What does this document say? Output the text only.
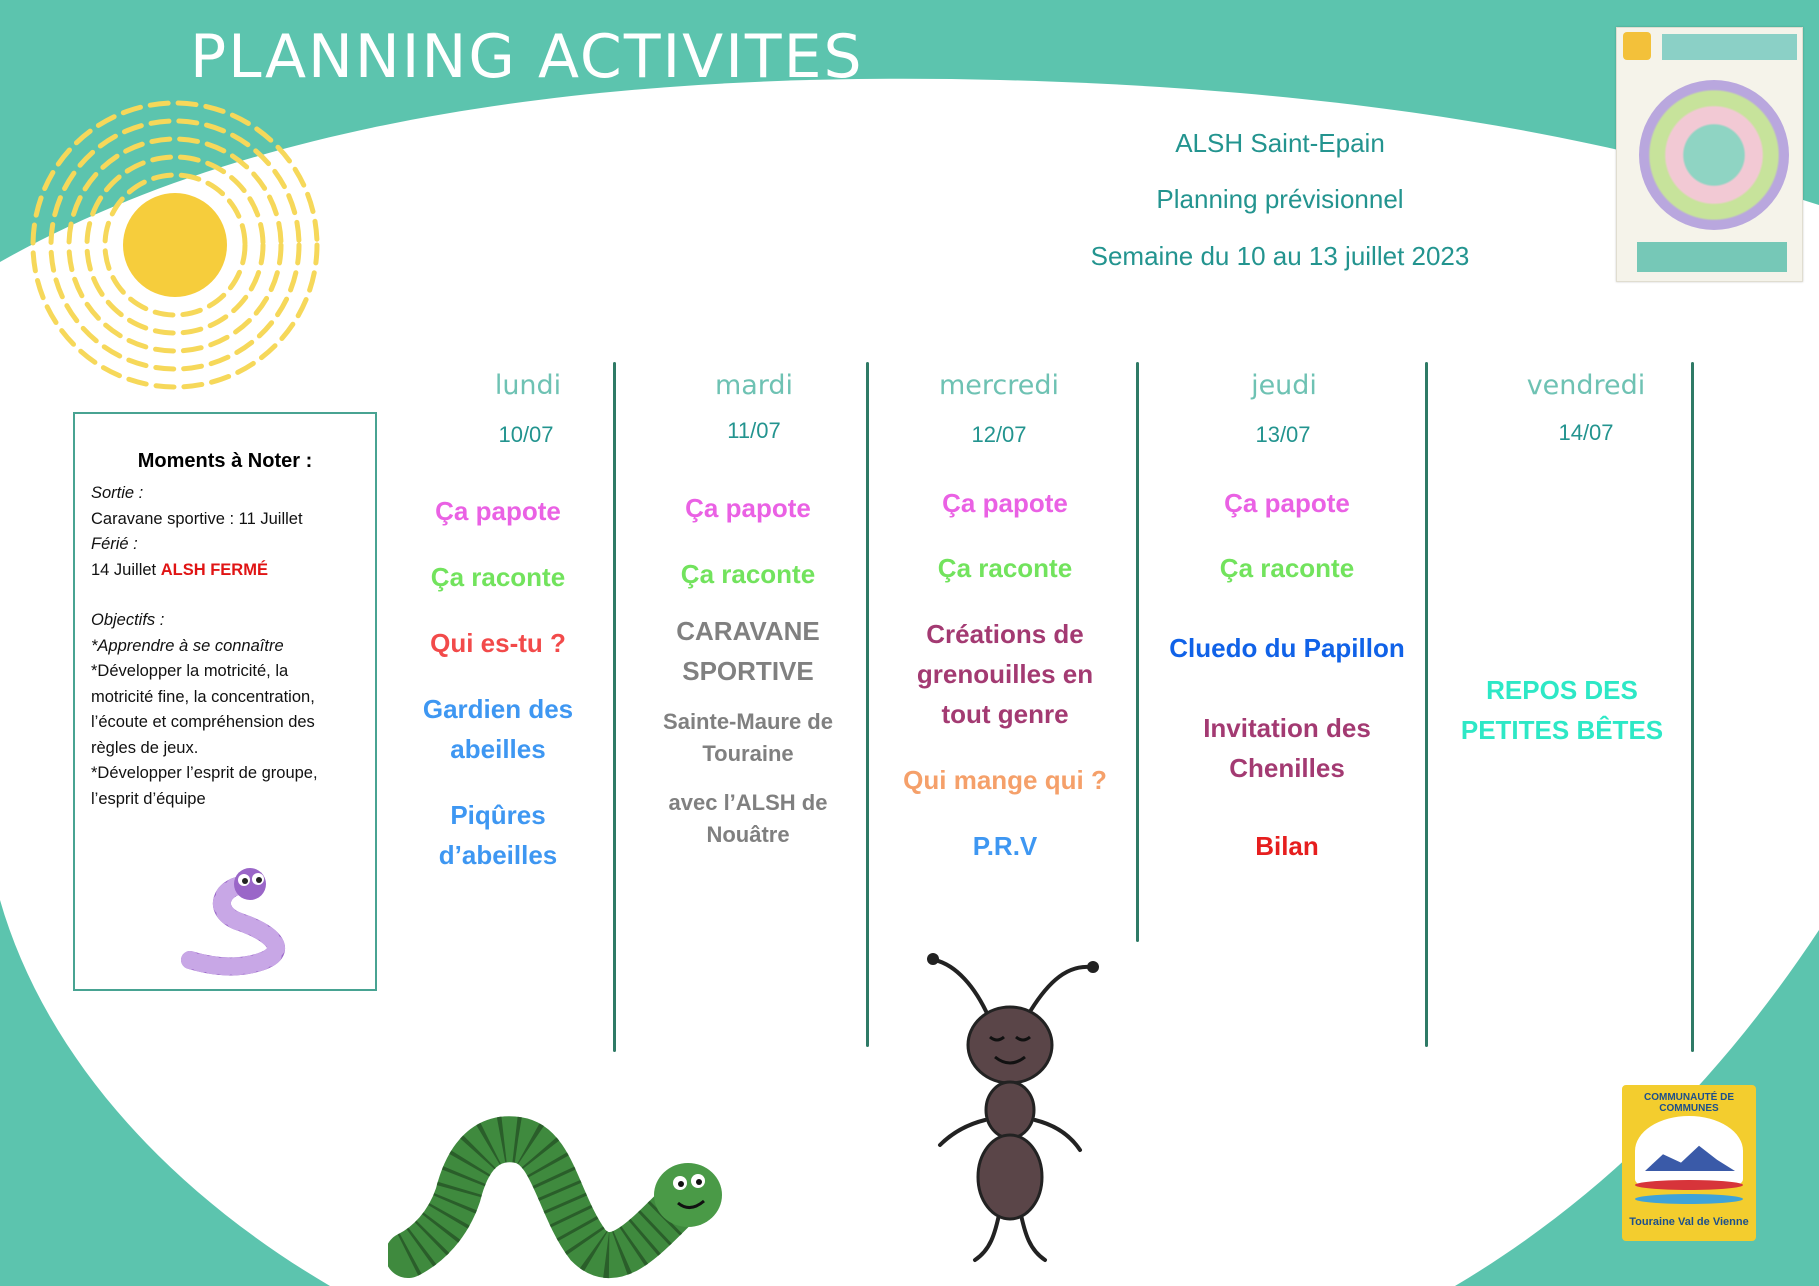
PLANNING ACTIVITES
ALSH Saint-Epain
Planning prévisionnel
Semaine du 10 au 13 juillet 2023
lundi
10/07
mardi
11/07
mercredi
12/07
jeudi
13/07
vendredi
14/07
Ça papote
Ça raconte
Qui es-tu ?
Gardien des abeilles
Piqûres d’abeilles
Ça papote
Ça raconte
CARAVANE SPORTIVE
Sainte-Maure de Touraine
avec l’ALSH de Nouâtre
Ça papote
Ça raconte
Créations de grenouilles en tout genre
Qui mange qui ?
P.R.V
Ça papote
Ça raconte
Cluedo du Papillon
Invitation des Chenilles
Bilan
REPOS DES PETITES BÊTES
Moments à Noter :
Sortie :
Caravane sportive : 11 Juillet
Férié :
14 Juillet ALSH FERMÉ
Objectifs :
*Apprendre à se connaître
*Développer la motricité, la
motricité fine, la concentration,
l’écoute et compréhension des
règles de jeux.
*Développer l’esprit de groupe,
l’esprit d’équipe
COMMUNAUTÉ DE COMMUNES
Touraine Val de Vienne
